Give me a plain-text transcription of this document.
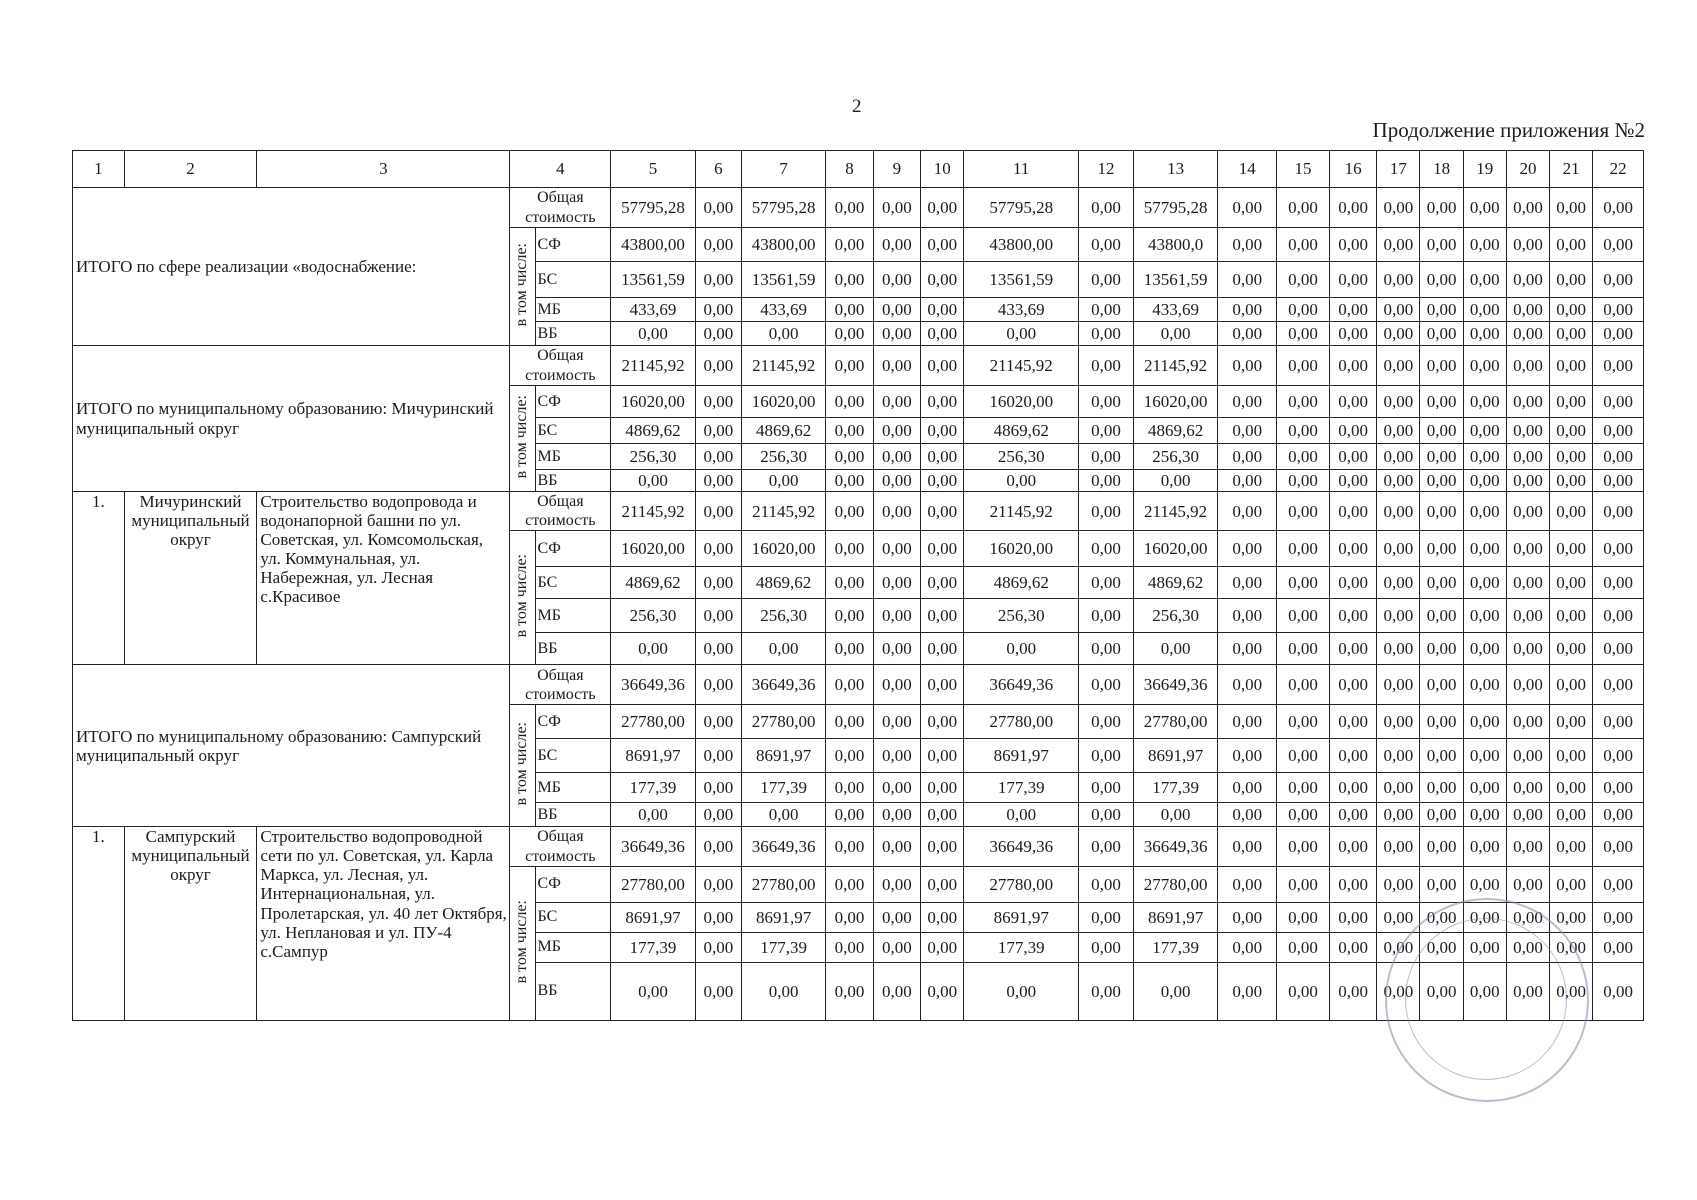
2
Продолжение приложения №2
1	2	3	4		5	6	7	8	9	10	11	12	13	14	15	16	17	18	19	20	21	22
ИТОГО по сфере реализации «водоснабжение:			Общая стоимость		57795,28	0,00	57795,28	0,00	0,00	0,00	57795,28	0,00	57795,28	0,00	0,00	0,00	0,00	0,00	0,00	0,00	0,00	0,00
			в том числе:	СФ	43800,00	0,00	43800,00	0,00	0,00	0,00	43800,00	0,00	43800,0	0,00	0,00	0,00	0,00	0,00	0,00	0,00	0,00	0,00
				БС	13561,59	0,00	13561,59	0,00	0,00	0,00	13561,59	0,00	13561,59	0,00	0,00	0,00	0,00	0,00	0,00	0,00	0,00	0,00
				МБ	433,69	0,00	433,69	0,00	0,00	0,00	433,69	0,00	433,69	0,00	0,00	0,00	0,00	0,00	0,00	0,00	0,00	0,00
				ВБ	0,00	0,00	0,00	0,00	0,00	0,00	0,00	0,00	0,00	0,00	0,00	0,00	0,00	0,00	0,00	0,00	0,00	0,00
ИТОГО по муниципальному образованию: Мичуринский муниципальный округ			Общая стоимость		21145,92	0,00	21145,92	0,00	0,00	0,00	21145,92	0,00	21145,92	0,00	0,00	0,00	0,00	0,00	0,00	0,00	0,00	0,00
			в том числе:	СФ	16020,00	0,00	16020,00	0,00	0,00	0,00	16020,00	0,00	16020,00	0,00	0,00	0,00	0,00	0,00	0,00	0,00	0,00	0,00
				БС	4869,62	0,00	4869,62	0,00	0,00	0,00	4869,62	0,00	4869,62	0,00	0,00	0,00	0,00	0,00	0,00	0,00	0,00	0,00
				МБ	256,30	0,00	256,30	0,00	0,00	0,00	256,30	0,00	256,30	0,00	0,00	0,00	0,00	0,00	0,00	0,00	0,00	0,00
				ВБ	0,00	0,00	0,00	0,00	0,00	0,00	0,00	0,00	0,00	0,00	0,00	0,00	0,00	0,00	0,00	0,00	0,00	0,00
1.	Мичуринский муниципальный округ	Строительство водопровода и водонапорной башни по ул. Советская, ул. Комсомольская, ул. Коммунальная, ул. Набережная, ул. Лесная с.Красивое	Общая стоимость		21145,92	0,00	21145,92	0,00	0,00	0,00	21145,92	0,00	21145,92	0,00	0,00	0,00	0,00	0,00	0,00	0,00	0,00	0,00
			в том числе:	СФ	16020,00	0,00	16020,00	0,00	0,00	0,00	16020,00	0,00	16020,00	0,00	0,00	0,00	0,00	0,00	0,00	0,00	0,00	0,00
				БС	4869,62	0,00	4869,62	0,00	0,00	0,00	4869,62	0,00	4869,62	0,00	0,00	0,00	0,00	0,00	0,00	0,00	0,00	0,00
				МБ	256,30	0,00	256,30	0,00	0,00	0,00	256,30	0,00	256,30	0,00	0,00	0,00	0,00	0,00	0,00	0,00	0,00	0,00
				ВБ	0,00	0,00	0,00	0,00	0,00	0,00	0,00	0,00	0,00	0,00	0,00	0,00	0,00	0,00	0,00	0,00	0,00	0,00
ИТОГО по муниципальному образованию: Сампурский муниципальный округ			Общая стоимость		36649,36	0,00	36649,36	0,00	0,00	0,00	36649,36	0,00	36649,36	0,00	0,00	0,00	0,00	0,00	0,00	0,00	0,00	0,00
			в том числе:	СФ	27780,00	0,00	27780,00	0,00	0,00	0,00	27780,00	0,00	27780,00	0,00	0,00	0,00	0,00	0,00	0,00	0,00	0,00	0,00
				БС	8691,97	0,00	8691,97	0,00	0,00	0,00	8691,97	0,00	8691,97	0,00	0,00	0,00	0,00	0,00	0,00	0,00	0,00	0,00
				МБ	177,39	0,00	177,39	0,00	0,00	0,00	177,39	0,00	177,39	0,00	0,00	0,00	0,00	0,00	0,00	0,00	0,00	0,00
				ВБ	0,00	0,00	0,00	0,00	0,00	0,00	0,00	0,00	0,00	0,00	0,00	0,00	0,00	0,00	0,00	0,00	0,00	0,00
1.	Сампурский муниципальный округ	Строительство водопроводной сети по ул. Советская, ул. Карла Маркса, ул. Лесная, ул. Интернациональная, ул. Пролетарская, ул. 40 лет Октября, ул. Неплановая и ул. ПУ-4 с.Сампур	Общая стоимость		36649,36	0,00	36649,36	0,00	0,00	0,00	36649,36	0,00	36649,36	0,00	0,00	0,00	0,00	0,00	0,00	0,00	0,00	0,00
			в том числе:	СФ	27780,00	0,00	27780,00	0,00	0,00	0,00	27780,00	0,00	27780,00	0,00	0,00	0,00	0,00	0,00	0,00	0,00	0,00	0,00
				БС	8691,97	0,00	8691,97	0,00	0,00	0,00	8691,97	0,00	8691,97	0,00	0,00	0,00	0,00	0,00	0,00	0,00	0,00	0,00
				МБ	177,39	0,00	177,39	0,00	0,00	0,00	177,39	0,00	177,39	0,00	0,00	0,00	0,00	0,00	0,00	0,00	0,00	0,00
				ВБ	0,00	0,00	0,00	0,00	0,00	0,00	0,00	0,00	0,00	0,00	0,00	0,00	0,00	0,00	0,00	0,00	0,00	0,00
